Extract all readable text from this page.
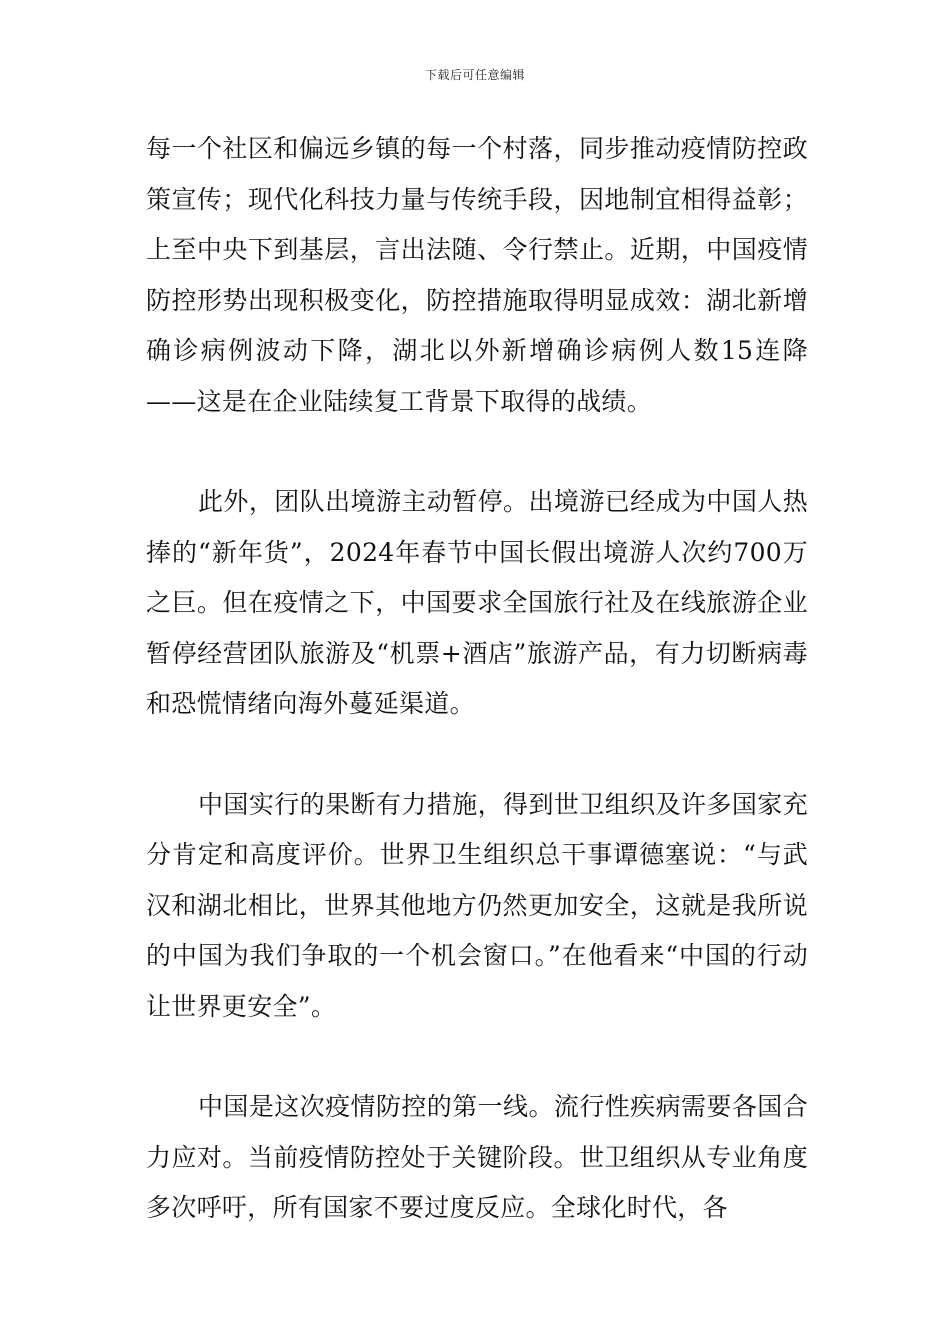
下载后可任意编辑

每一个社区和偏远乡镇的每一个村落，同步推动疫情防控政策宣传；现代化科技力量与传统手段，因地制宜相得益彰；上至中央下到基层，言出法随、令行禁止。近期，中国疫情防控形势出现积极变化，防控措施取得明显成效：湖北新增确诊病例波动下降，湖北以外新增确诊病例人数15连降——这是在企业陆续复工背景下取得的战绩。

此外，团队出境游主动暂停。出境游已经成为中国人热捧的“新年货”，2024年春节中国长假出境游人次约700万之巨。但在疫情之下，中国要求全国旅行社及在线旅游企业暂停经营团队旅游及“机票+酒店”旅游产品，有力切断病毒和恐慌情绪向海外蔓延渠道。

中国实行的果断有力措施，得到世卫组织及许多国家充分肯定和高度评价。世界卫生组织总干事谭德塞说：“与武汉和湖北相比，世界其他地方仍然更加安全，这就是我所说的中国为我们争取的一个机会窗口。”在他看来“中国的行动让世界更安全”。

中国是这次疫情防控的第一线。流行性疾病需要各国合力应对。当前疫情防控处于关键阶段。世卫组织从专业角度多次呼吁，所有国家不要过度反应。全球化时代，各
